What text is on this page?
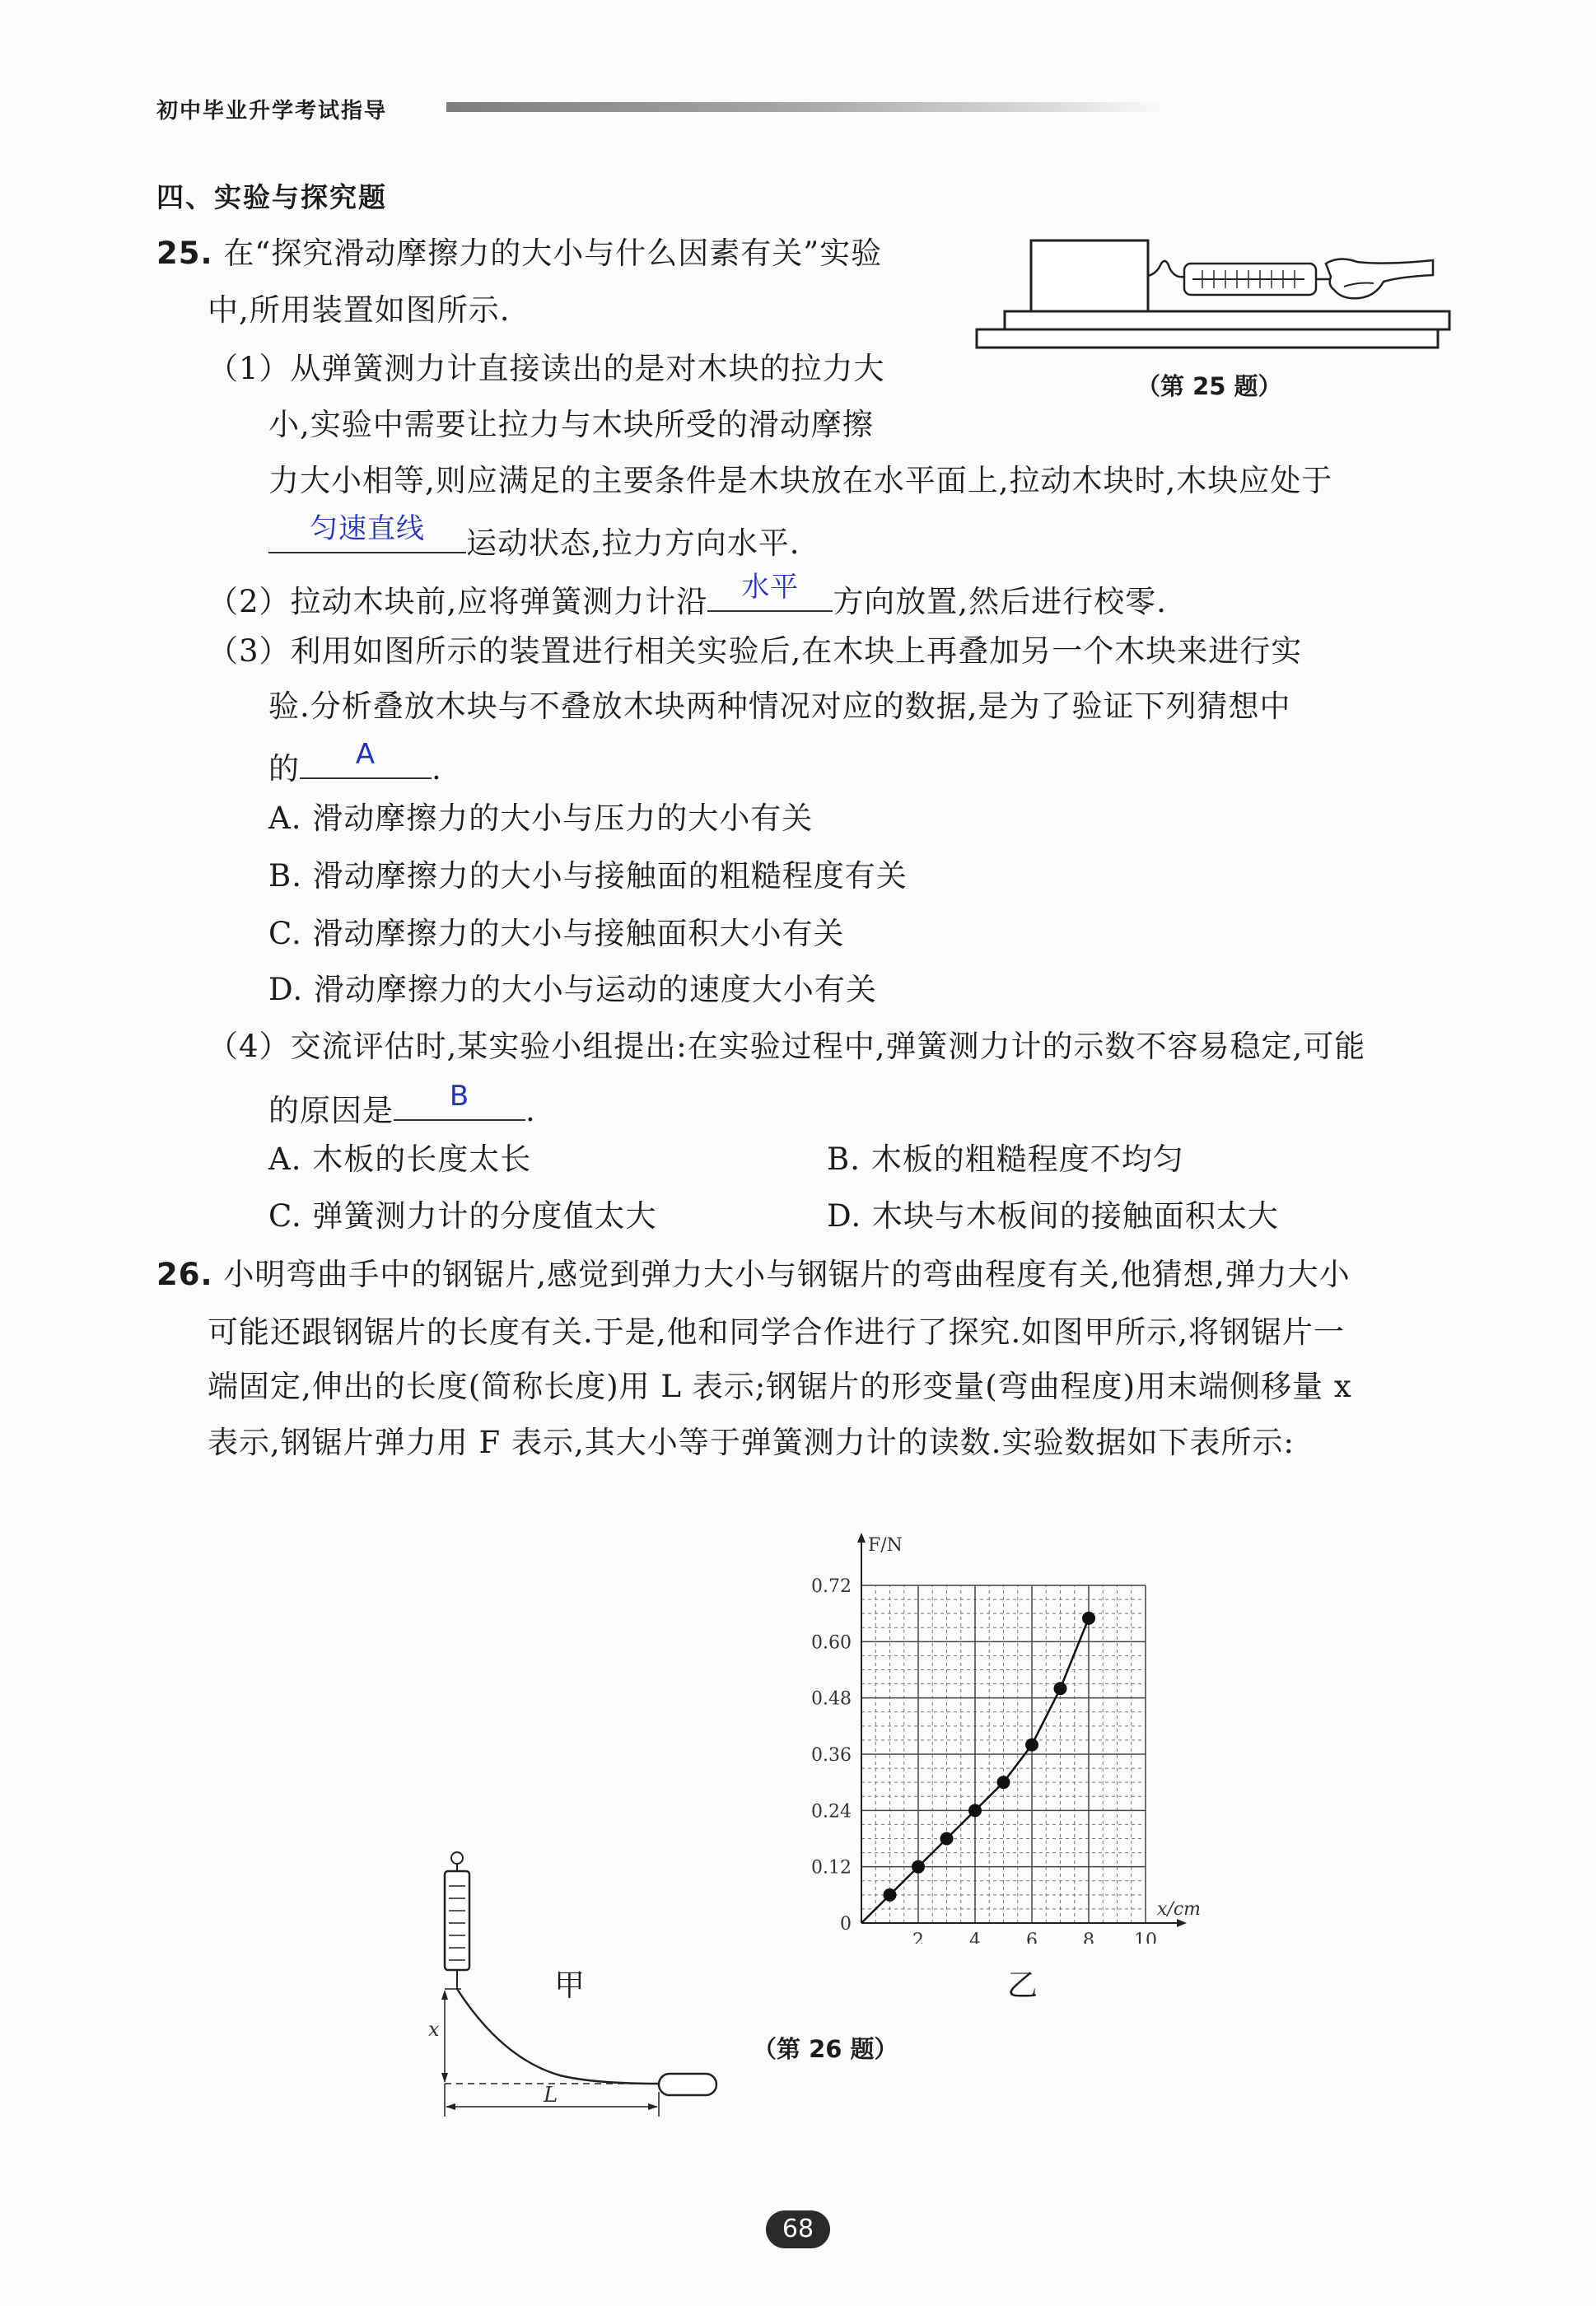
初中毕业升学考试指导
四、实验与探究题
25. 在“探究滑动摩擦力的大小与什么因素有关”实验
中,所用装置如图所示.
（第 25 题）
（1）从弹簧测力计直接读出的是对木块的拉力大
小,实验中需要让拉力与木块所受的滑动摩擦
力大小相等,则应满足的主要条件是木块放在水平面上,拉动木块时,木块应处于
匀速直线	运动状态,拉力方向水平.
（2）拉动木块前,应将弹簧测力计沿	水平	方向放置,然后进行校零.
（3）利用如图所示的装置进行相关实验后,在木块上再叠加另一个木块来进行实
验.分析叠放木块与不叠放木块两种情况对应的数据,是为了验证下列猜想中
的	A	.
A. 滑动摩擦力的大小与压力的大小有关
B. 滑动摩擦力的大小与接触面的粗糙程度有关
C. 滑动摩擦力的大小与接触面积大小有关
D. 滑动摩擦力的大小与运动的速度大小有关
（4）交流评估时,某实验小组提出:在实验过程中,弹簧测力计的示数不容易稳定,可能
的原因是	B	.
A. 木板的长度太长	B. 木板的粗糙程度不均匀
C. 弹簧测力计的分度值太大	D. 木块与木板间的接触面积太大
26. 小明弯曲手中的钢锯片,感觉到弹力大小与钢锯片的弯曲程度有关,他猜想,弹力大小
可能还跟钢锯片的长度有关.于是,他和同学合作进行了探究.如图甲所示,将钢锯片一
端固定,伸出的长度(简称长度)用 L 表示;钢锯片的形变量(弯曲程度)用末端侧移量 x
表示,钢锯片弹力用 F 表示,其大小等于弹簧测力计的读数.实验数据如下表所示:
x
L
甲
2	4	6	8 10
0.12
0.24
0.36
0.48
0.60
0.72
0
x/cm
F/N
乙
（第 26 题）
68
